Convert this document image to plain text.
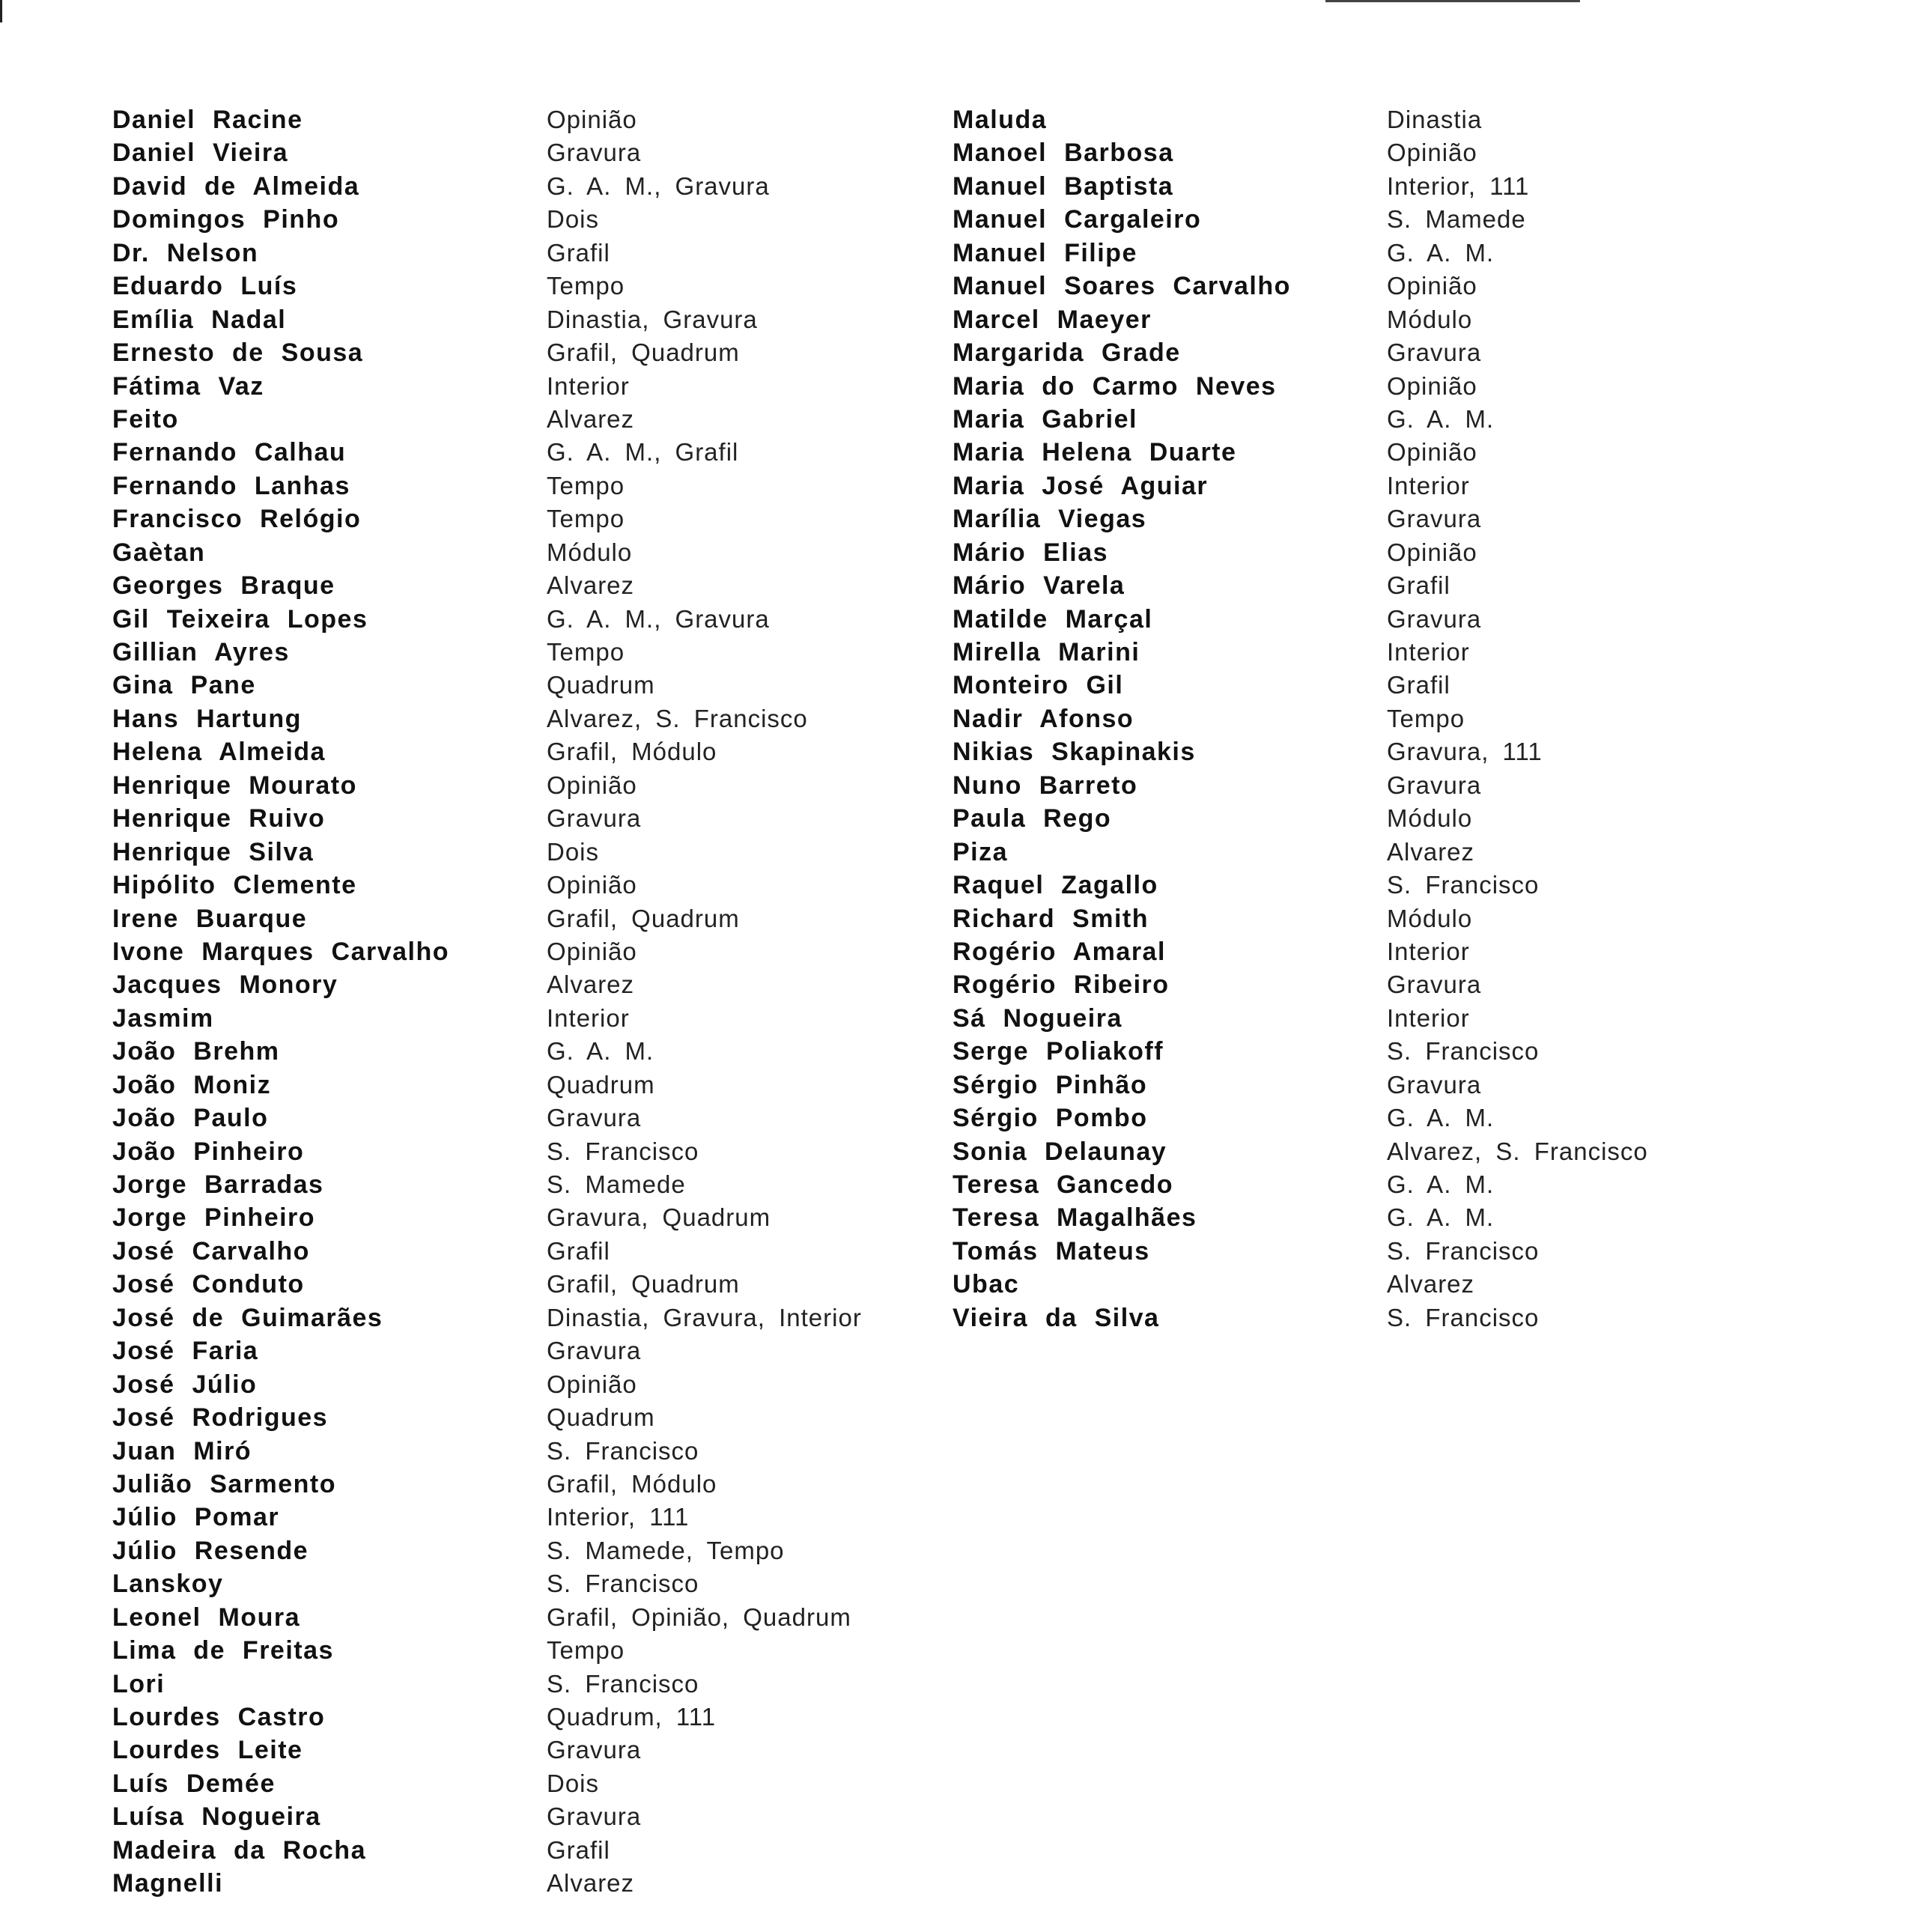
Daniel Racine	Opinião
Daniel Vieira	Gravura
David de Almeida	G. A. M., Gravura
Domingos Pinho	Dois
Dr. Nelson	Grafil
Eduardo Luís	Tempo
Emília Nadal	Dinastia, Gravura
Ernesto de Sousa	Grafil, Quadrum
Fátima Vaz	Interior
Feito	Alvarez
Fernando Calhau	G. A. M., Grafil
Fernando Lanhas	Tempo
Francisco Relógio	Tempo
Gaètan	Módulo
Georges Braque	Alvarez
Gil Teixeira Lopes	G. A. M., Gravura
Gillian Ayres	Tempo
Gina Pane	Quadrum
Hans Hartung	Alvarez, S. Francisco
Helena Almeida	Grafil, Módulo
Henrique Mourato	Opinião
Henrique Ruivo	Gravura
Henrique Silva	Dois
Hipólito Clemente	Opinião
Irene Buarque	Grafil, Quadrum
Ivone Marques Carvalho	Opinião
Jacques Monory	Alvarez
Jasmim	Interior
João Brehm	G. A. M.
João Moniz	Quadrum
João Paulo	Gravura
João Pinheiro	S. Francisco
Jorge Barradas	S. Mamede
Jorge Pinheiro	Gravura, Quadrum
José Carvalho	Grafil
José Conduto	Grafil, Quadrum
José de Guimarães	Dinastia, Gravura, Interior
José Faria	Gravura
José Júlio	Opinião
José Rodrigues	Quadrum
Juan Miró	S. Francisco
Julião Sarmento	Grafil, Módulo
Júlio Pomar	Interior, 111
Júlio Resende	S. Mamede, Tempo
Lanskoy	S. Francisco
Leonel Moura	Grafil, Opinião, Quadrum
Lima de Freitas	Tempo
Lori	S. Francisco
Lourdes Castro	Quadrum, 111
Lourdes Leite	Gravura
Luís Demée	Dois
Luísa Nogueira	Gravura
Madeira da Rocha	Grafil
Magnelli	Alvarez
Maluda	Dinastia
Manoel Barbosa	Opinião
Manuel Baptista	Interior, 111
Manuel Cargaleiro	S. Mamede
Manuel Filipe	G. A. M.
Manuel Soares Carvalho	Opinião
Marcel Maeyer	Módulo
Margarida Grade	Gravura
Maria do Carmo Neves	Opinião
Maria Gabriel	G. A. M.
Maria Helena Duarte	Opinião
Maria José Aguiar	Interior
Marília Viegas	Gravura
Mário Elias	Opinião
Mário Varela	Grafil
Matilde Marçal	Gravura
Mirella Marini	Interior
Monteiro Gil	Grafil
Nadir Afonso	Tempo
Nikias Skapinakis	Gravura, 111
Nuno Barreto	Gravura
Paula Rego	Módulo
Piza	Alvarez
Raquel Zagallo	S. Francisco
Richard Smith	Módulo
Rogério Amaral	Interior
Rogério Ribeiro	Gravura
Sá Nogueira	Interior
Serge Poliakoff	S. Francisco
Sérgio Pinhão	Gravura
Sérgio Pombo	G. A. M.
Sonia Delaunay	Alvarez, S. Francisco
Teresa Gancedo	G. A. M.
Teresa Magalhães	G. A. M.
Tomás Mateus	S. Francisco
Ubac	Alvarez
Vieira da Silva	S. Francisco
